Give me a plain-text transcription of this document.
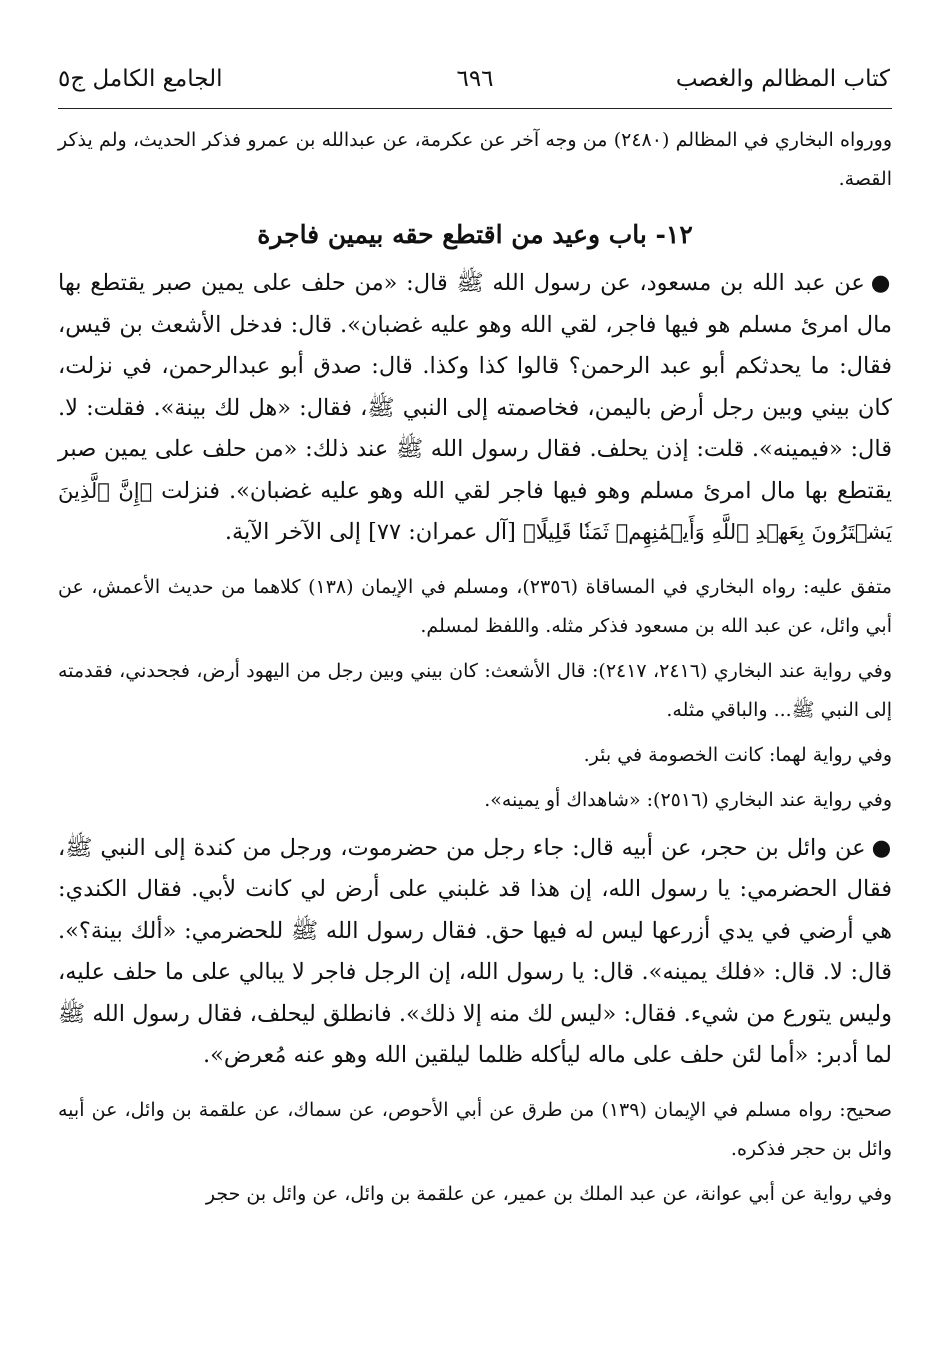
كتاب المظالم والغصب
٦٩٦
الجامع الكامل ج٥

وورواه البخاري في المظالم (٢٤٨٠) من وجه آخر عن عكرمة، عن عبدالله بن عمرو فذكر الحديث، ولم يذكر القصة.

١٢- باب وعيد من اقتطع حقه بيمين فاجرة

●عن عبد الله بن مسعود، عن رسول الله ﷺ قال: «من حلف على يمين صبر يقتطع بها مال امرئ مسلم هو فيها فاجر، لقي الله وهو عليه غضبان». قال: فدخل الأشعث بن قيس، فقال: ما يحدثكم أبو عبد الرحمن؟ قالوا كذا وكذا. قال: صدق أبو عبدالرحمن، في نزلت، كان بيني وبين رجل أرض باليمن، فخاصمته إلى النبي ﷺ، فقال: «هل لك بينة». فقلت: لا. قال: «فيمينه». قلت: إذن يحلف. فقال رسول الله ﷺ عند ذلك: «من حلف على يمين صبر يقتطع بها مال امرئ مسلم وهو فيها فاجر لقي الله وهو عليه غضبان». فنزلت ﴿إِنَّ ٱلَّذِينَ يَشۡتَرُونَ بِعَهۡدِ ٱللَّهِ وَأَيۡمَٰنِهِمۡ ثَمَنٗا قَلِيلًا﴾ [آل عمران: ٧٧] إلى الآخر الآية.

متفق عليه: رواه البخاري في المساقاة (٢٣٥٦)، ومسلم في الإيمان (١٣٨) كلاهما من حديث الأعمش، عن أبي وائل، عن عبد الله بن مسعود فذكر مثله. واللفظ لمسلم.

وفي رواية عند البخاري (٢٤١٦، ٢٤١٧): قال الأشعث: كان بيني وبين رجل من اليهود أرض، فجحدني، فقدمته إلى النبي ﷺ... والباقي مثله.

وفي رواية لهما: كانت الخصومة في بئر.

وفي رواية عند البخاري (٢٥١٦): «شاهداك أو يمينه».

●عن وائل بن حجر، عن أبيه قال: جاء رجل من حضرموت، ورجل من كندة إلى النبي ﷺ، فقال الحضرمي: يا رسول الله، إن هذا قد غلبني على أرض لي كانت لأبي. فقال الكندي: هي أرضي في يدي أزرعها ليس له فيها حق. فقال رسول الله ﷺ للحضرمي: «ألك بينة؟». قال: لا. قال: «فلك يمينه». قال: يا رسول الله، إن الرجل فاجر لا يبالي على ما حلف عليه، وليس يتورع من شيء. فقال: «ليس لك منه إلا ذلك». فانطلق ليحلف، فقال رسول الله ﷺ لما أدبر: «أما لئن حلف على ماله ليأكله ظلما ليلقين الله وهو عنه مُعرض».

صحيح: رواه مسلم في الإيمان (١٣٩) من طرق عن أبي الأحوص، عن سماك، عن علقمة بن وائل، عن أبيه وائل بن حجر فذكره.

وفي رواية عن أبي عوانة، عن عبد الملك بن عمير، عن علقمة بن وائل، عن وائل بن حجر
